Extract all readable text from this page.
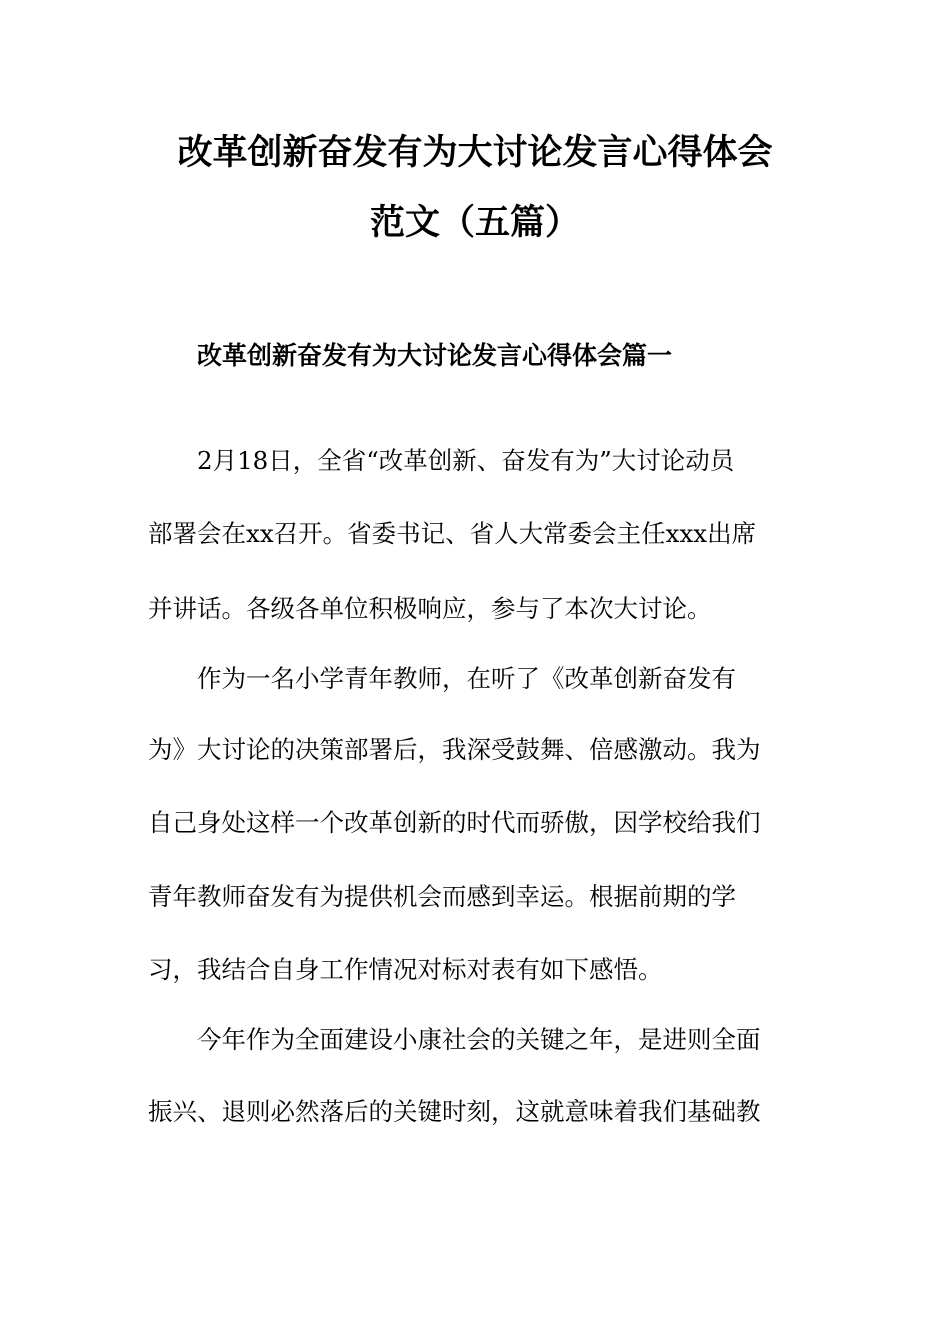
改革创新奋发有为大讨论发言心得体会
范文（五篇）
改革创新奋发有为大讨论发言心得体会篇一
2月18日，全省“改革创新、奋发有为”大讨论动员
部署会在xx召开。省委书记、省人大常委会主任xxx出席
并讲话。各级各单位积极响应，参与了本次大讨论。
作为一名小学青年教师，在听了《改革创新奋发有
为》大讨论的决策部署后，我深受鼓舞、倍感激动。我为
自己身处这样一个改革创新的时代而骄傲，因学校给我们
青年教师奋发有为提供机会而感到幸运。根据前期的学
习，我结合自身工作情况对标对表有如下感悟。
今年作为全面建设小康社会的关键之年，是进则全面
振兴、退则必然落后的关键时刻，这就意味着我们基础教
